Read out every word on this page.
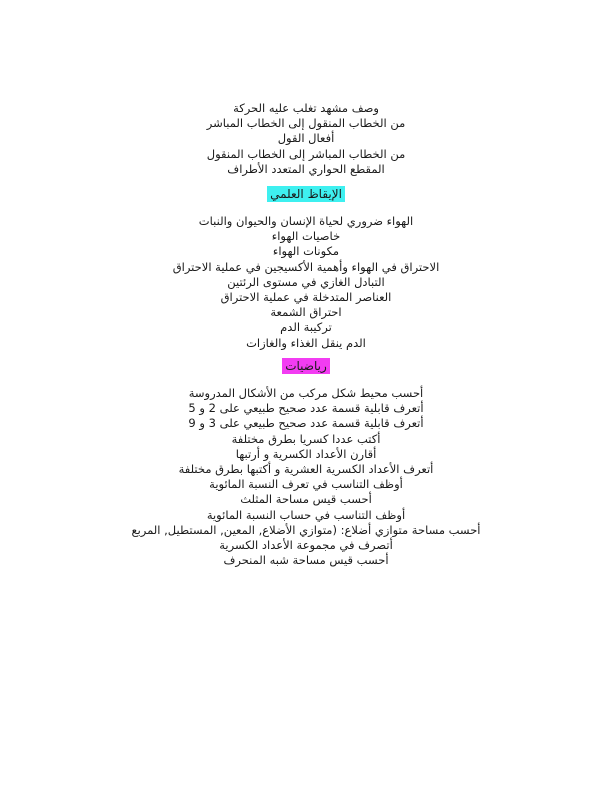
وصف مشهد تغلب عليه الحركة
من الخطاب المنقول إلى الخطاب المباشر
أفعال القول
من الخطاب المباشر إلى الخطاب المنقول
المقطع الحواري المتعدد الأطراف
الإيقاظ العلمي
الهواء ضروري لحياة الإنسان والحيوان والنبات
خاصيات الهواء
مكونات الهواء
الاحتراق في الهواء وأهمية الأكسيجين في عملية الاحتراق
التبادل الغازي في مستوى الرئتين
العناصر المتدخلة في عملية الاحتراق
احتراق الشمعة
تركيبة الدم
الدم ينقل الغذاء والغازات
رياضيات
أحسب محيط شكل مركب من الأشكال المدروسة
أتعرف قابلية قسمة عدد صحيح طبيعي على 2 و 5
أتعرف قابلية قسمة عدد صحيح طبيعي على 3 و 9
أكتب عددا كسريا بطرق مختلفة
أقارن الأعداد الكسرية و أرتبها
أتعرف الأعداد الكسرية العشرية و أكتبها بطرق مختلفة
أوظف التناسب في تعرف النسبة المائوية
أحسب قيس مساحة المثلث
أوظف التناسب في حساب النسبة المائوية
أحسب مساحة متوازي أضلاع: (متوازي الأضلاع, المعين, المستطيل, المربع
أتصرف في مجموعة الأعداد الكسرية
أحسب قيس مساحة شبه المنحرف
